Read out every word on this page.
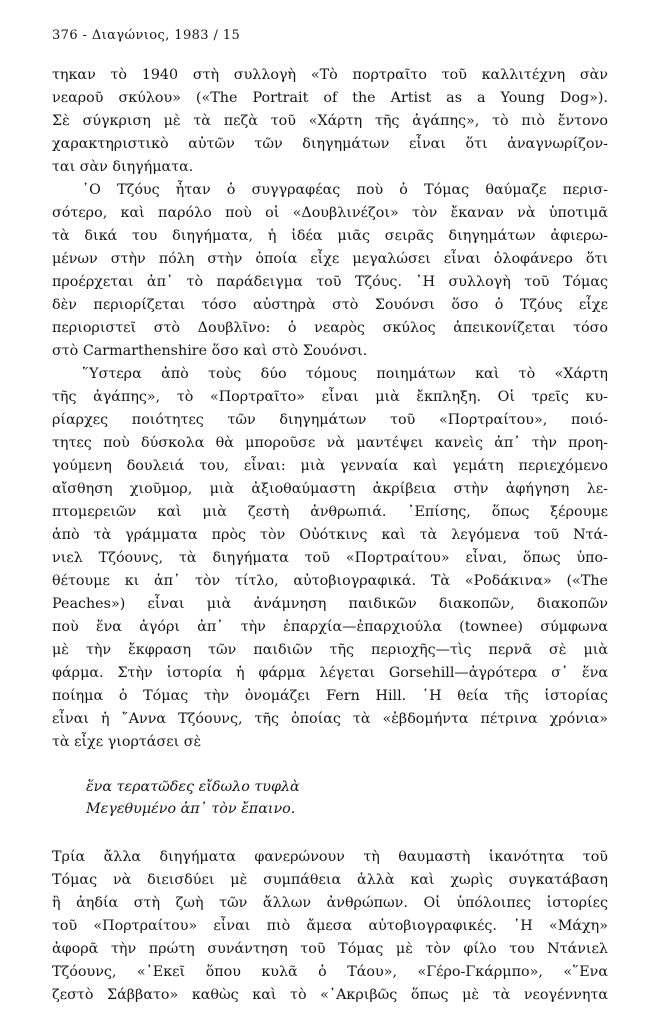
376 - Διαγώνιος, 1983 / 15
τηκαν τὸ 1940 στὴ συλλογὴ «Τὸ πορτραῖτο τοῦ καλλιτέχνη σὰν
νεαροῦ σκύλου» («The Portrait of the Artist as a Young Dog»).
Σὲ σύγκριση μὲ τὰ πεζὰ τοῦ «Χάρτη τῆς ἀγάπης», τὸ πιὸ ἔντονο
χαρακτηριστικὸ αὐτῶν τῶν διηγημάτων εἶναι ὅτι ἀναγνωρίζον-
ται σὰν διηγήματα.
῾Ο Τζόυς ἦταν ὁ συγγραφέας ποὺ ὁ Τόμας θαύμαζε περισ-
σότερο, καὶ παρόλο ποὺ οἱ «Δουβλινέζοι» τὸν ἔκαναν νὰ ὑποτιμᾶ
τὰ δικά του διηγήματα, ἡ ἰδέα μιᾶς σειρᾶς διηγημάτων ἀφιερω-
μένων στὴν πόλη στὴν ὁποία εἶχε μεγαλώσει εἶναι ὁλοφάνερο ὅτι
προέρχεται ἀπ᾽ τὸ παράδειγμα τοῦ Τζόυς. ῾Η συλλογὴ τοῦ Τόμας
δὲν περιορίζεται τόσο αὐστηρὰ στὸ Σουόνσι ὅσο ὁ Τζόυς εἶχε
περιοριστεῖ στὸ Δουβλῖνο: ὁ νεαρὸς σκύλος ἀπεικονίζεται τόσο
στὸ Carmarthenshire ὅσο καὶ στὸ Σουόνσι.
῞Υστερα ἀπὸ τοὺς δύο τόμους ποιημάτων καὶ τὸ «Χάρτη
τῆς ἀγάπης», τὸ «Πορτραῖτο» εἶναι μιὰ ἔκπληξη. Οἱ τρεῖς κυ-
ρίαρχες ποιότητες τῶν διηγημάτων τοῦ «Πορτραίτου», ποιό-
τητες ποὺ δύσκολα θὰ μποροῦσε νὰ μαντέψει κανεὶς ἀπ᾽ τὴν προη-
γούμενη δουλειά του, εἶναι: μιὰ γενναία καὶ γεμάτη περιεχόμενο
αἴσθηση χιοῦμορ, μιὰ ἀξιοθαύμαστη ἀκρίβεια στὴν ἀφήγηση λε-
πτομερειῶν καὶ μιὰ ζεστὴ ἀνθρωπιά. ᾽Επίσης, ὅπως ξέρουμε
ἀπὸ τὰ γράμματα πρὸς τὸν Οὐότκινς καὶ τὰ λεγόμενα τοῦ Ντά-
νιελ Τζόουνς, τὰ διηγήματα τοῦ «Πορτραίτου» εἶναι, ὅπως ὑπο-
θέτουμε κι ἀπ᾽ τὸν τίτλο, αὐτοβιογραφικά. Τὰ «Ροδάκινα» («The
Peaches») εἶναι μιὰ ἀνάμνηση παιδικῶν διακοπῶν, διακοπῶν
ποὺ ἕνα ἀγόρι ἀπ᾽ τὴν ἐπαρχία—ἐπαρχιούλα (townee) σύμφωνα
μὲ τὴν ἔκφραση τῶν παιδιῶν τῆς περιοχῆς—τὶς περνᾶ σὲ μιὰ
φάρμα. Στὴν ἱστορία ἡ φάρμα λέγεται Gorsehill—ἀγρότερα σ᾽ ἕνα
ποίημα ὁ Τόμας τὴν ὀνομάζει Fern Hill. ῾Η θεία τῆς ἱστορίας
εἶναι ἡ ῎Αννα Τζόουνς, τῆς ὁποίας τὰ «ἑβδομήντα πέτρινα χρόνια»
τὰ εἶχε γιορτάσει σὲ
ἕνα τερατῶδες εἴδωλο τυφλὰ
Μεγεθυμένο ἀπ᾽ τὸν ἔπαινο.
Τρία ἄλλα διηγήματα φανερώνουν τὴ θαυμαστὴ ἱκανότητα τοῦ
Τόμας νὰ διεισδύει μὲ συμπάθεια ἀλλὰ καὶ χωρὶς συγκατάβαση
ἢ ἀηδία στὴ ζωὴ τῶν ἄλλων ἀνθρώπων. Οἱ ὑπόλοιπες ἱστορίες
τοῦ «Πορτραίτου» εἶναι πιὸ ἄμεσα αὐτοβιογραφικές. ῾Η «Μάχη»
ἀφορᾶ τὴν πρώτη συνάντηση τοῦ Τόμας μὲ τὸν φίλο του Ντάνιελ
Τζόουνς, «᾽Εκεῖ ὅπου κυλᾶ ὁ Τάου», «Γέρο-Γκάρμπο», «῞Ενα
ζεστὸ Σάββατο» καθὼς καὶ τὸ «᾽Ακριβῶς ὅπως μὲ τὰ νεογέννητα
